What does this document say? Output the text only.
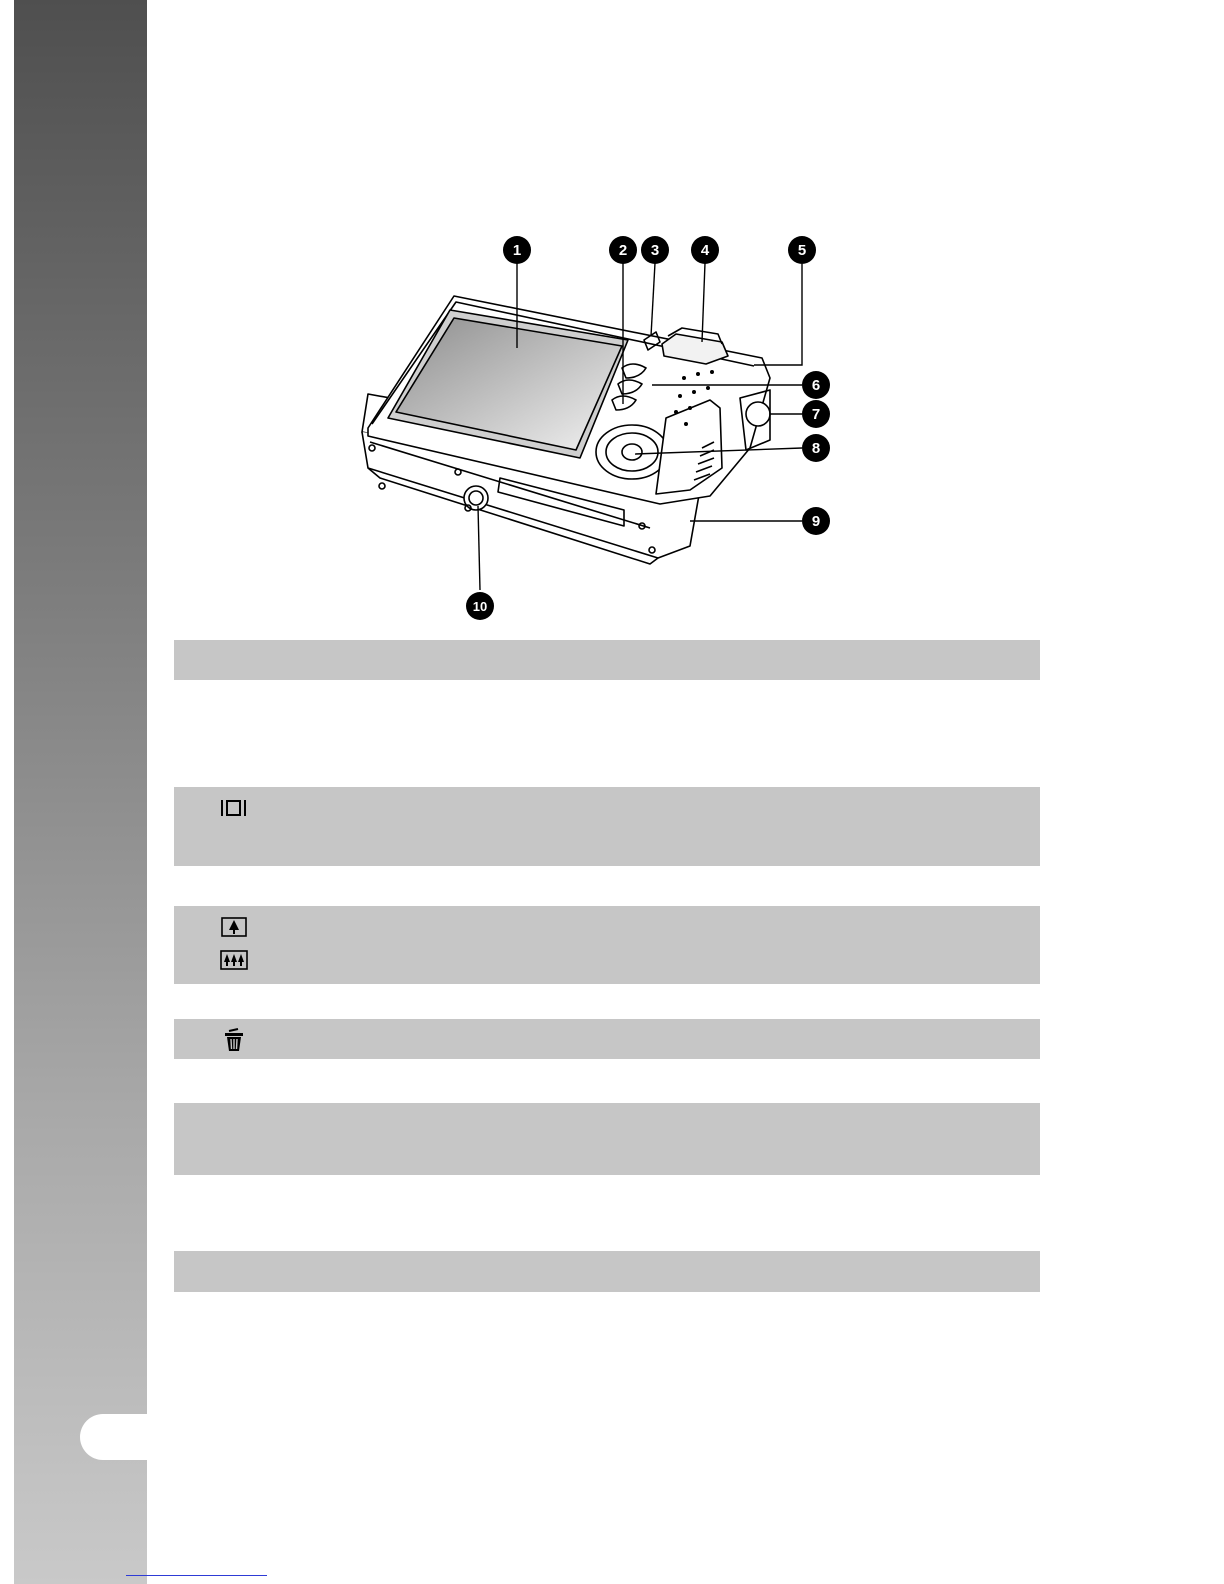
1	2 3	4	5
6
7
8
9
10
